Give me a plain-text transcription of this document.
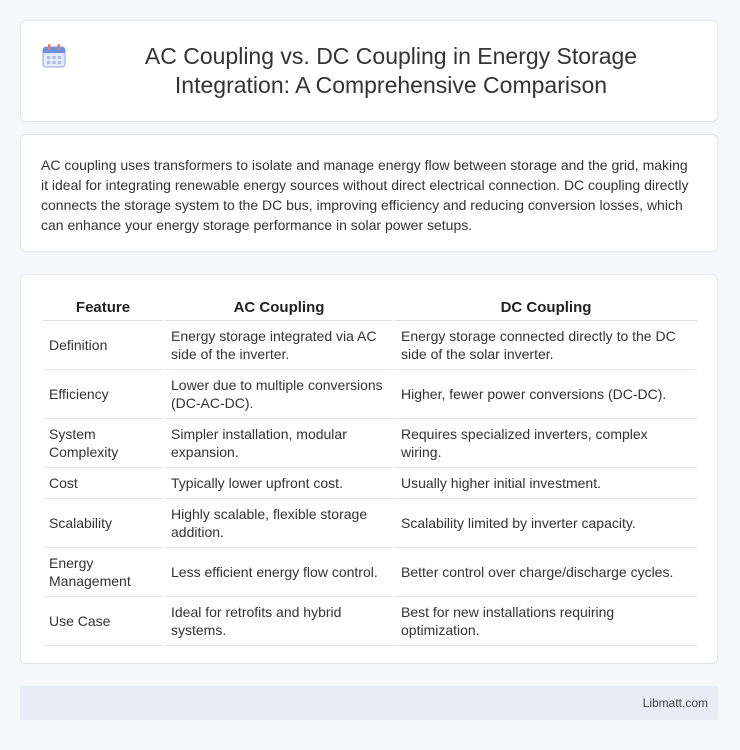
AC Coupling vs. DC Coupling in Energy Storage Integration: A Comprehensive Comparison

AC coupling uses transformers to isolate and manage energy flow between storage and the grid, making it ideal for integrating renewable energy sources without direct electrical connection. DC coupling directly connects the storage system to the DC bus, improving efficiency and reducing conversion losses, which can enhance your energy storage performance in solar power setups.

Feature	AC Coupling	DC Coupling
Definition	Energy storage integrated via AC side of the inverter.	Energy storage connected directly to the DC side of the solar inverter.
Efficiency	Lower due to multiple conversions (DC-AC-DC).	Higher, fewer power conversions (DC-DC).
System Complexity	Simpler installation, modular expansion.	Requires specialized inverters, complex wiring.
Cost	Typically lower upfront cost.	Usually higher initial investment.
Scalability	Highly scalable, flexible storage addition.	Scalability limited by inverter capacity.
Energy Management	Less efficient energy flow control.	Better control over charge/discharge cycles.
Use Case	Ideal for retrofits and hybrid systems.	Best for new installations requiring optimization.
Libmatt.com
